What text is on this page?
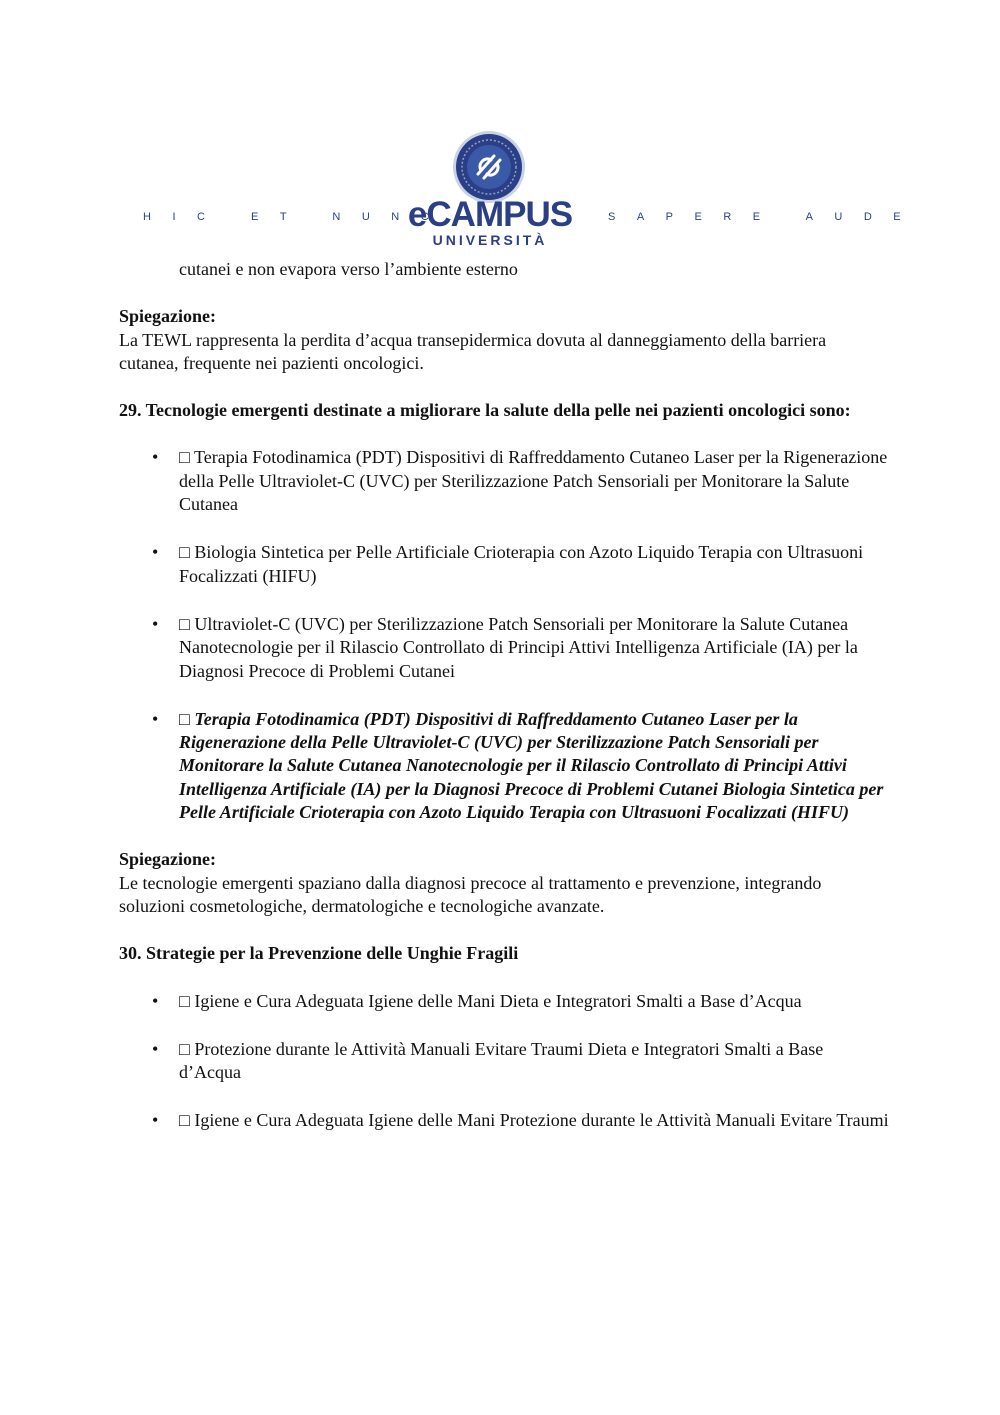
HIC ET NUNC
eCAMPUS
UNIVERSITÀ
SAPERE AUDE

cutanei e non evapora verso l’ambiente esterno

Spiegazione:

La TEWL rappresenta la perdita d’acqua transepidermica dovuta al danneggiamento della barriera cutanea, frequente nei pazienti oncologici.

29. Tecnologie emergenti destinate a migliorare la salute della pelle nei pazienti oncologici sono:

• □ Terapia Fotodinamica (PDT) Dispositivi di Raffreddamento Cutaneo Laser per la Rigenerazione della Pelle Ultraviolet-C (UVC) per Sterilizzazione Patch Sensoriali per Monitorare la Salute Cutanea
• □ Biologia Sintetica per Pelle Artificiale Crioterapia con Azoto Liquido Terapia con Ultrasuoni Focalizzati (HIFU)
• □ Ultraviolet-C (UVC) per Sterilizzazione Patch Sensoriali per Monitorare la Salute Cutanea Nanotecnologie per il Rilascio Controllato di Principi Attivi Intelligenza Artificiale (IA) per la Diagnosi Precoce di Problemi Cutanei
• □ Terapia Fotodinamica (PDT) Dispositivi di Raffreddamento Cutaneo Laser per la Rigenerazione della Pelle Ultraviolet-C (UVC) per Sterilizzazione Patch Sensoriali per Monitorare la Salute Cutanea Nanotecnologie per il Rilascio Controllato di Principi Attivi Intelligenza Artificiale (IA) per la Diagnosi Precoce di Problemi Cutanei Biologia Sintetica per Pelle Artificiale Crioterapia con Azoto Liquido Terapia con Ultrasuoni Focalizzati (HIFU)

Spiegazione:

Le tecnologie emergenti spaziano dalla diagnosi precoce al trattamento e prevenzione, integrando soluzioni cosmetologiche, dermatologiche e tecnologiche avanzate.

30. Strategie per la Prevenzione delle Unghie Fragili

• □ Igiene e Cura Adeguata Igiene delle Mani Dieta e Integratori Smalti a Base d’Acqua
• □ Protezione durante le Attività Manuali Evitare Traumi Dieta e Integratori Smalti a Base d’Acqua
• □ Igiene e Cura Adeguata Igiene delle Mani Protezione durante le Attività Manuali Evitare Traumi
